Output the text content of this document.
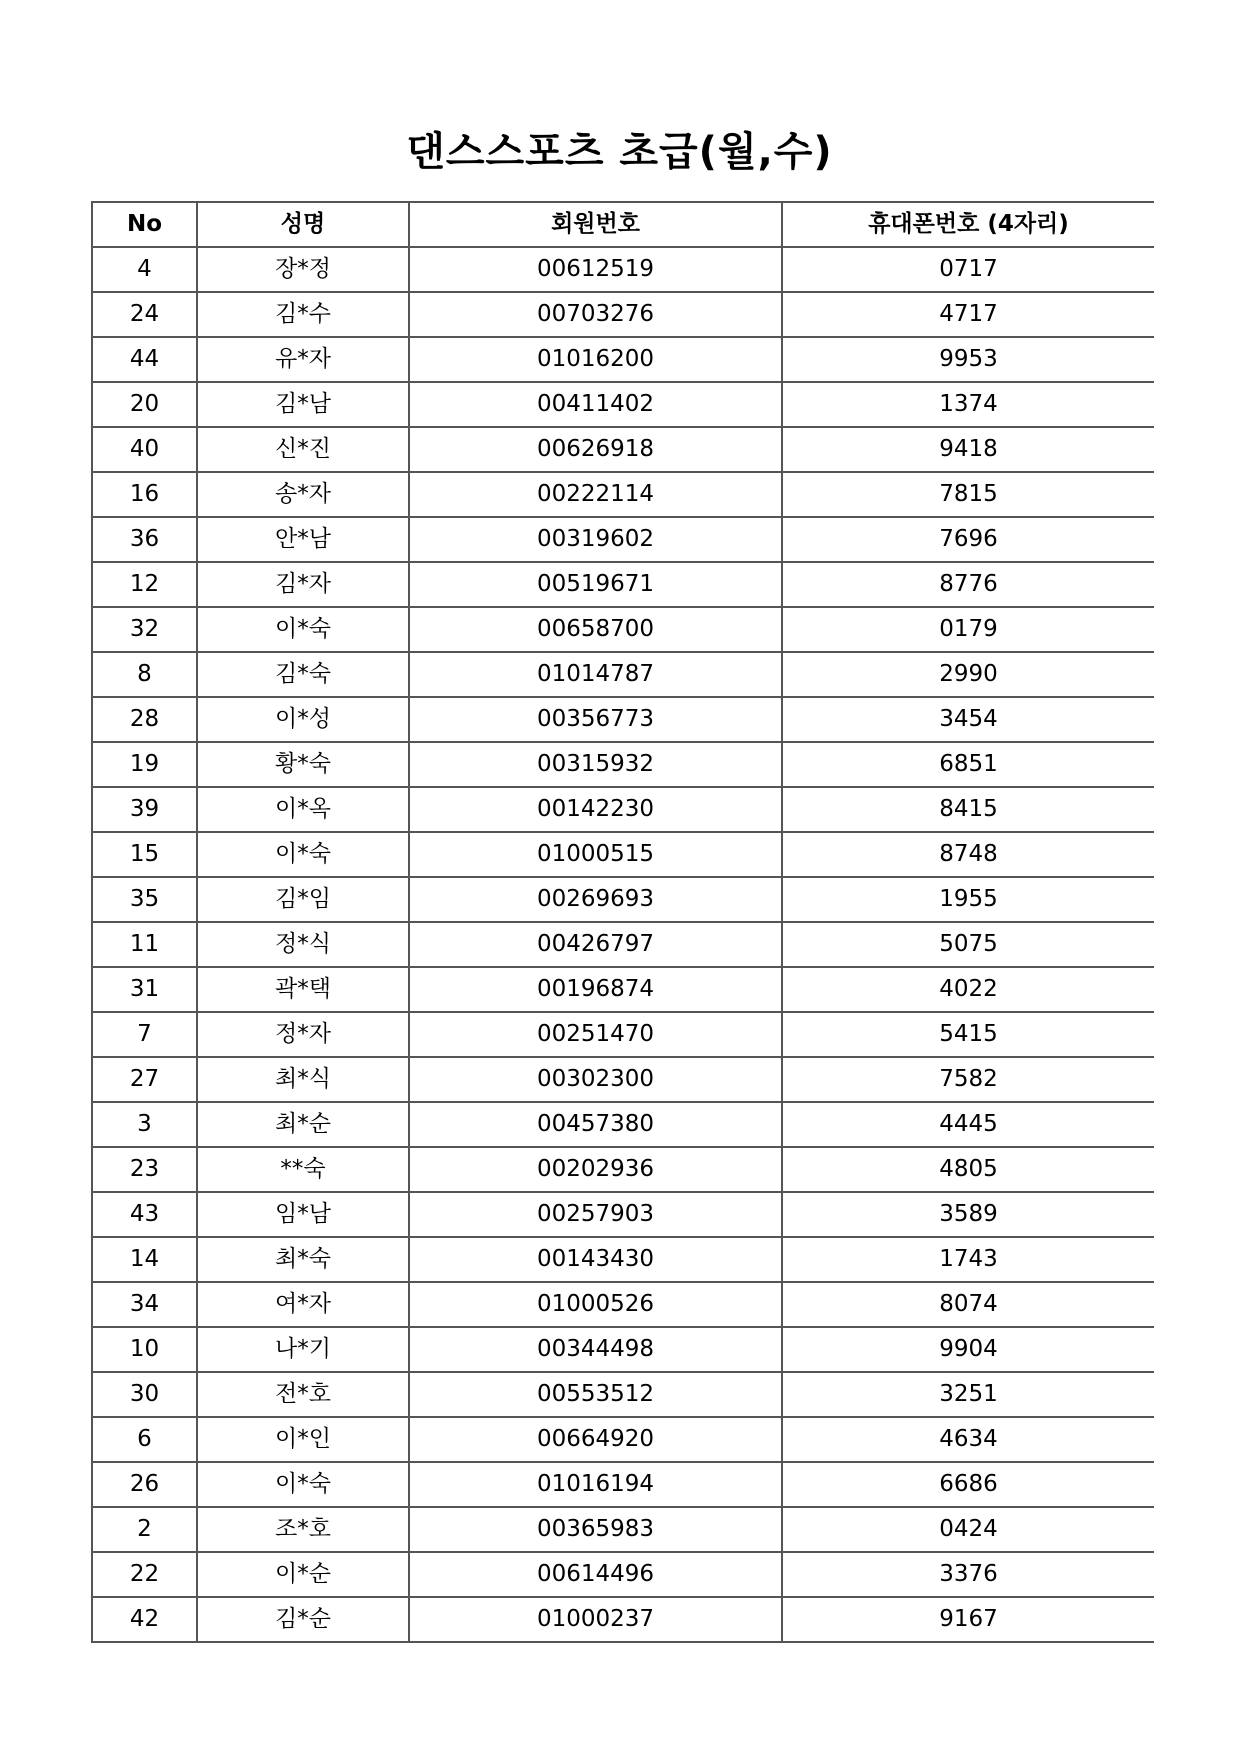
댄스스포츠 초급(월,수)
No	성명	회원번호	휴대폰번호 (4자리)
4	장*정	00612519	0717
24	김*수	00703276	4717
44	유*자	01016200	9953
20	김*남	00411402	1374
40	신*진	00626918	9418
16	송*자	00222114	7815
36	안*남	00319602	7696
12	김*자	00519671	8776
32	이*숙	00658700	0179
8	김*숙	01014787	2990
28	이*성	00356773	3454
19	황*숙	00315932	6851
39	이*옥	00142230	8415
15	이*숙	01000515	8748
35	김*임	00269693	1955
11	정*식	00426797	5075
31	곽*택	00196874	4022
7	정*자	00251470	5415
27	최*식	00302300	7582
3	최*순	00457380	4445
23	**숙	00202936	4805
43	임*남	00257903	3589
14	최*숙	00143430	1743
34	여*자	01000526	8074
10	나*기	00344498	9904
30	전*호	00553512	3251
6	이*인	00664920	4634
26	이*숙	01016194	6686
2	조*호	00365983	0424
22	이*순	00614496	3376
42	김*순	01000237	9167
